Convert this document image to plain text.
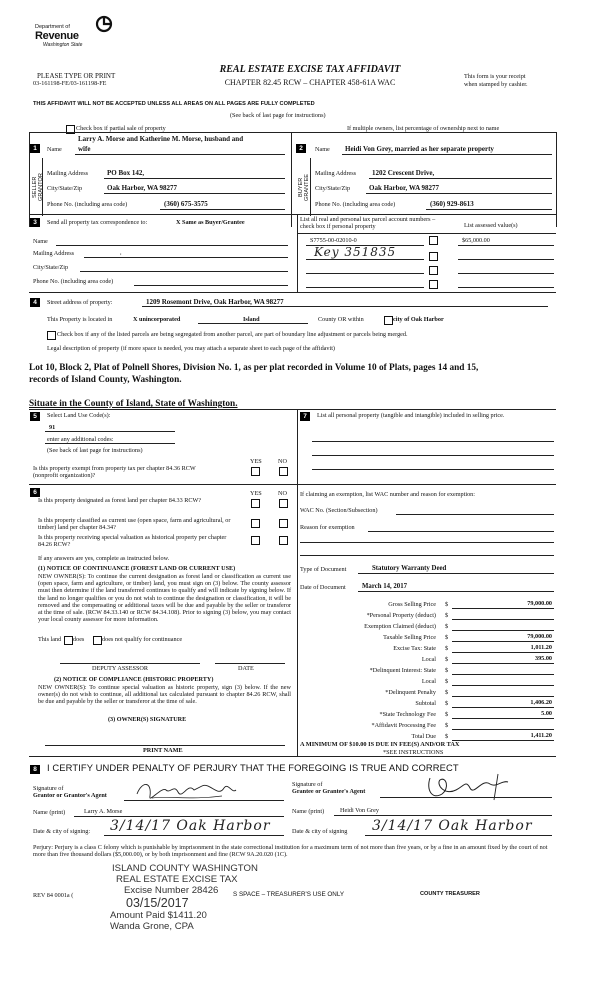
Department of
Revenue
Washington State
PLEASE TYPE OR PRINT
03-161198-FE/03-161198-FE
REAL ESTATE EXCISE TAX AFFIDAVIT
CHAPTER 82.45 RCW – CHAPTER 458-61A WAC
This form is your receipt
when stamped by cashier.
THIS AFFIDAVIT WILL NOT BE ACCEPTED UNLESS ALL AREAS ON ALL PAGES ARE FULLY COMPLETED
(See back of last page for instructions)
Check box if partial sale of property	If multiple owners, list percentage of ownership next to name
1
SELLER GRANTOR
Larry A. Morse and Katherine M. Morse, husband and
Name wife
Mailing Address	PO Box 142,
City/State/Zip	Oak Harbor, WA 98277
Phone No. (including area code)	(360) 675-3575
2
BUYER GRANTEE
Name Heidi Von Grey, married as her separate property
Mailing Address 1202 Crescent Drive,
City/State/Zip	Oak Harbor, WA 98277
Phone No. (including area code)	(360) 929-8613
3	Send all property tax correspondence to:	X Same as Buyer/Grantee
Name
Mailing Address	,
City/State/Zip
Phone No. (including area code)
List all real and personal tax parcel account numbers – check box if personal property	List assessed value(s)
S7755-00-02010-0	$65,000.00
Key 351835
4	Street address of property:	1209 Rosemont Drive, Oak Harbor, WA 98277
This Property is located in	X unincorporated	Island	County OR within	city of Oak Harbor
Check box if any of the listed parcels are being segregated from another parcel, are part of boundary line adjustment or parcels being merged.
Legal description of property (if more space is needed, you may attach a separate sheet to each page of the affidavit)
Lot 10, Block 2, Plat of Polnell Shores, Division No. 1, as per plat recorded in Volume 10 of Plats, pages 14 and 15,
records of Island County, Washington.
Situate in the County of Island, State of Washington.
5	Select Land Use Code(s):
91
enter any additional codes:
(See back of last page for instructions)
YES	NO
Is this property exempt from property tax per chapter 84.36 RCW (nonprofit organization)?
6	YES	NO
Is this property designated as forest land per chapter 84.33 RCW?
Is this property classified as current use (open space, farm and agricultural, or timber) land per chapter 84.34?
Is this property receiving special valuation as historical property per chapter 84.26 RCW?
If any answers are yes, complete as instructed below.
(1) NOTICE OF CONTINUANCE (FOREST LAND OR CURRENT USE)
NEW OWNER(S): To continue the current designation as forest land or classification as current use (open space, farm and agriculture, or timber) land, you must sign on (3) below. The county assessor must then determine if the land transferred continues to qualify and will indicate by signing below. If the land no longer qualifies or you do not wish to continue the designation or classification, it will be removed and the compensating or additional taxes will be due and payable by the seller or transferor at the time of sale. (RCW 84.33.140 or RCW 84.34.108). Prior to signing (3) below, you may contact your local county assessor for more information.
This land does	does not qualify for continuance
DEPUTY ASSESSOR	DATE
(2) NOTICE OF COMPLIANCE (HISTORIC PROPERTY)
NEW OWNER(S): To continue special valuation as historic property, sign (3) below. If the new owner(s) do not wish to continue, all additional tax calculated pursuant to chapter 84.26 RCW, shall be due and payable by the seller or transferor at the time of sale.
(3) OWNER(S) SIGNATURE
PRINT NAME
7	List all personal property (tangible and intangible) included in selling price.
If claiming an exemption, list WAC number and reason for exemption:
WAC No. (Section/Subsection)
Reason for exemption
Type of Document	Statutory Warranty Deed
Date of Document March 14, 2017
Gross Selling Price $	79,000.00
*Personal Property (deduct) $
Exemption Claimed (deduct) $
Taxable Selling Price $	79,000.00
Excise Tax: State $	1,011.20
Local $	395.00
*Delinquent Interest: State $
Local $
*Delinquent Penalty $
Subtotal $	1,406.20
*State Technology Fee $	5.00
*Affidavit Processing Fee $
Total Due $	1,411.20
A MINIMUM OF $10.00 IS DUE IN FEE(S) AND/OR TAX
*SEE INSTRUCTIONS
8	I CERTIFY UNDER PENALTY OF PERJURY THAT THE FOREGOING IS TRUE AND CORRECT
Signature of
Grantor or Grantor's Agent
Name (print)	Larry A. Morse
Date & city of signing: 3/14/17 Oak Harbor
Signature of
Grantee or Grantee's Agent
Name (print)	Heidi Von Grey
Date & city of signing 3/14/17 Oak Harbor
Perjury: Perjury is a class C felony which is punishable by imprisonment in the state correctional institution for a maximum term of not more than five years, or by a fine in an amount fixed by the court of not more than five thousand dollars ($5,000.00), or by both imprisonment and fine (RCW 9A.20.020 (1C).
ISLAND COUNTY WASHINGTON
REAL ESTATE EXCISE TAX
Excise Number 28426
03/15/2017
Amount Paid $1411.20
Wanda Grone, CPA
REV 84 0001a (	S SPACE – TREASURER'S USE ONLY	COUNTY TREASURER
